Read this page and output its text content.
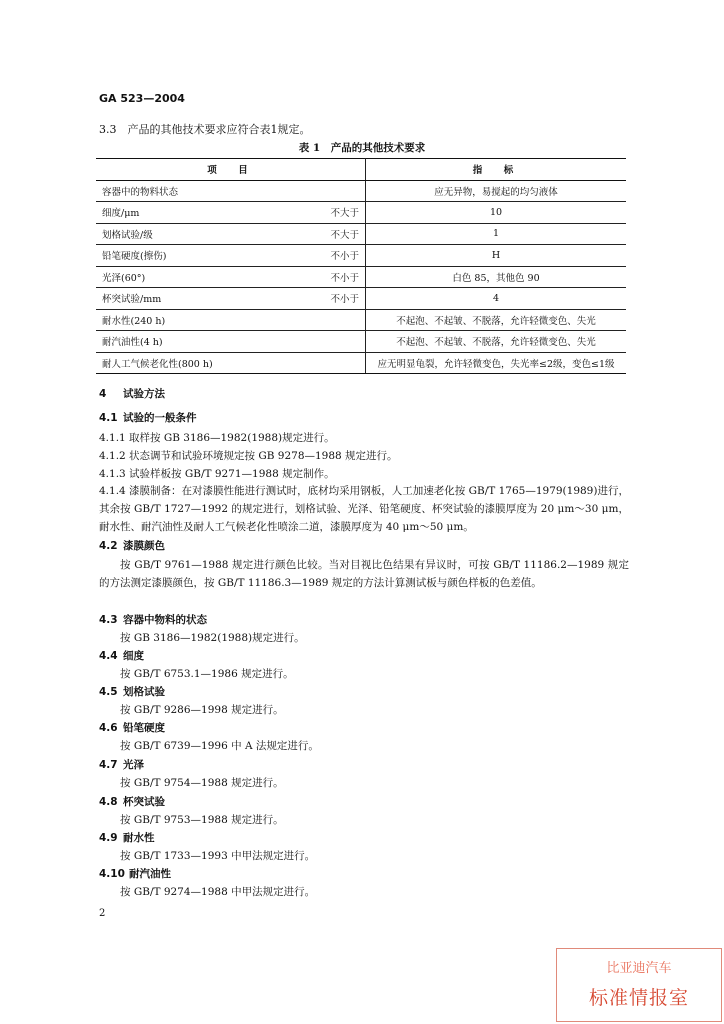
GA 523—2004
3.3　产品的其他技术要求应符合表1规定。
表 1　产品的其他技术要求
项　目		指　标
容器中的物料状态		应无异物，易搅起的均匀液体
细度/μm	不大于	10
划格试验/级	不大于	1
铅笔硬度(擦伤)	不小于	H
光泽(60°)	不小于	白色 85，其他色 90
杯突试验/mm	不小于	4
耐水性(240 h)		不起泡、不起皱、不脱落，允许轻微变色、失光
耐汽油性(4 h)		不起泡、不起皱、不脱落，允许轻微变色、失光
耐人工气候老化性(800 h)		应无明显龟裂，允许轻微变色，失光率≤2级，变色≤1级
4 试验方法
4.1 试验的一般条件
4.1.1 取样按 GB 3186—1982(1988)规定进行。
4.1.2 状态调节和试验环境规定按 GB 9278—1988 规定进行。
4.1.3 试验样板按 GB/T 9271—1988 规定制作。
4.1.4 漆膜制备：在对漆膜性能进行测试时，底材均采用钢板，人工加速老化按 GB/T 1765—1979(1989)进行，其余按 GB/T 1727—1992 的规定进行，划格试验、光泽、铅笔硬度、杯突试验的漆膜厚度为 20 μm～30 μm，耐水性、耐汽油性及耐人工气候老化性喷涂二道，漆膜厚度为 40 μm～50 μm。
4.2 漆膜颜色
按 GB/T 9761—1988 规定进行颜色比较。当对目视比色结果有异议时，可按 GB/T 11186.2—1989 规定的方法测定漆膜颜色，按 GB/T 11186.3—1989 规定的方法计算测试板与颜色样板的色差值。
4.3 容器中物料的状态
按 GB 3186—1982(1988)规定进行。
4.4 细度
按 GB/T 6753.1—1986 规定进行。
4.5 划格试验
按 GB/T 9286—1998 规定进行。
4.6 铅笔硬度
按 GB/T 6739—1996 中 A 法规定进行。
4.7 光泽
按 GB/T 9754—1988 规定进行。
4.8 杯突试验
按 GB/T 9753—1988 规定进行。
4.9 耐水性
按 GB/T 1733—1993 中甲法规定进行。
4.10 耐汽油性
按 GB/T 9274—1988 中甲法规定进行。
2
比亚迪汽车
标准情报室
